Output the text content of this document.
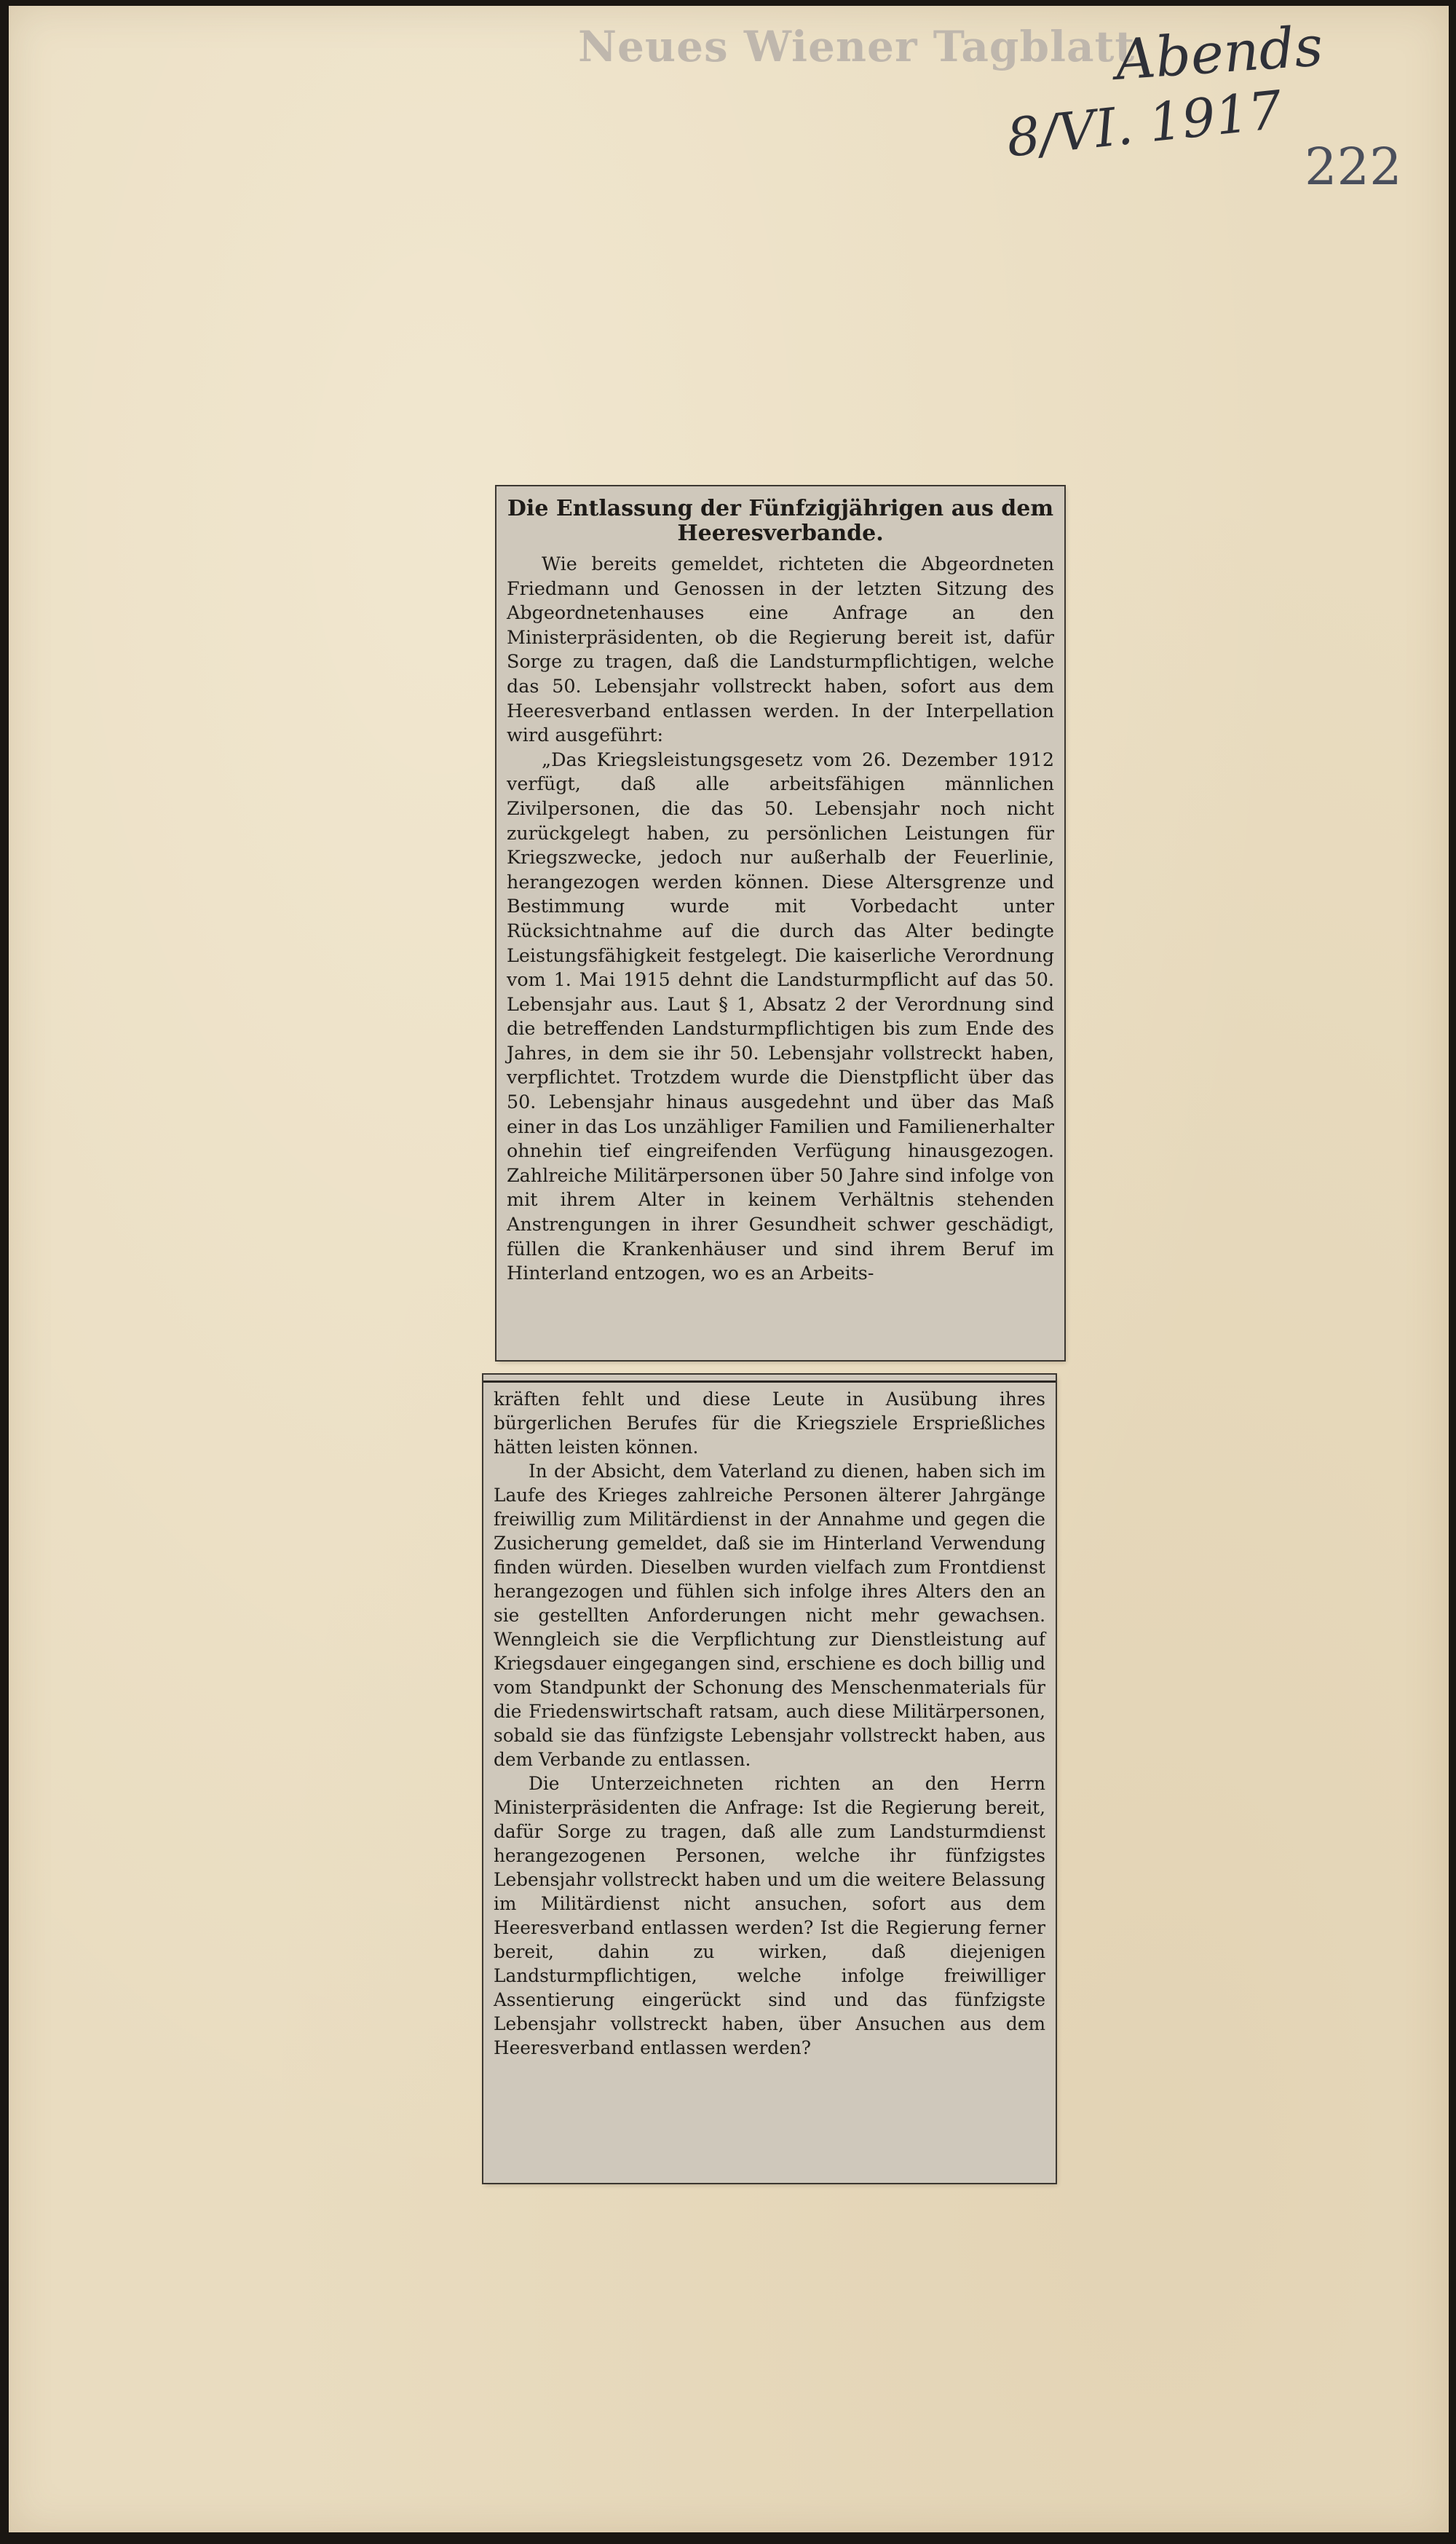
Neues Wiener Tagblatt
Abends
8/VI. 1917 222
Die Entlassung der Fünfzigjährigen aus dem Heeresverbande.

Wie bereits gemeldet, richteten die Abgeordneten Friedmann und Genossen in der letzten Sitzung des Abgeordnetenhauses eine Anfrage an den Ministerpräsidenten, ob die Regierung bereit ist, dafür Sorge zu tragen, daß die Landsturmpflichtigen, welche das 50. Lebensjahr vollstreckt haben, sofort aus dem Heeresverband entlassen werden. In der Interpellation wird ausgeführt:

„Das Kriegsleistungsgesetz vom 26. Dezember 1912 verfügt, daß alle arbeitsfähigen männlichen Zivilpersonen, die das 50. Lebensjahr noch nicht zurückgelegt haben, zu persönlichen Leistungen für Kriegszwecke, jedoch nur außerhalb der Feuerlinie, herangezogen werden können. Diese Altersgrenze und Bestimmung wurde mit Vorbedacht unter Rücksichtnahme auf die durch das Alter bedingte Leistungsfähigkeit festgelegt. Die kaiserliche Verordnung vom 1. Mai 1915 dehnt die Landsturmpflicht auf das 50. Lebensjahr aus. Laut § 1, Absatz 2 der Verordnung sind die betreffenden Landsturmpflichtigen bis zum Ende des Jahres, in dem sie ihr 50. Lebensjahr vollstreckt haben, verpflichtet. Trotzdem wurde die Dienstpflicht über das 50. Lebensjahr hinaus ausgedehnt und über das Maß einer in das Los unzähliger Familien und Familienerhalter ohnehin tief eingreifenden Verfügung hinausgezogen. Zahlreiche Militärpersonen über 50 Jahre sind infolge von mit ihrem Alter in keinem Verhältnis stehenden Anstrengungen in ihrer Gesundheit schwer geschädigt, füllen die Krankenhäuser und sind ihrem Beruf im Hinterland entzogen, wo es an Arbeits-

kräften fehlt und diese Leute in Ausübung ihres bürgerlichen Berufes für die Kriegsziele Ersprießliches hätten leisten können.

In der Absicht, dem Vaterland zu dienen, haben sich im Laufe des Krieges zahlreiche Personen älterer Jahrgänge freiwillig zum Militärdienst in der Annahme und gegen die Zusicherung gemeldet, daß sie im Hinterland Verwendung finden würden. Dieselben wurden vielfach zum Frontdienst herangezogen und fühlen sich infolge ihres Alters den an sie gestellten Anforderungen nicht mehr gewachsen. Wenngleich sie die Verpflichtung zur Dienstleistung auf Kriegsdauer eingegangen sind, erschiene es doch billig und vom Standpunkt der Schonung des Menschenmaterials für die Friedenswirtschaft ratsam, auch diese Militärpersonen, sobald sie das fünfzigste Lebensjahr vollstreckt haben, aus dem Verbande zu entlassen.

Die Unterzeichneten richten an den Herrn Ministerpräsidenten die Anfrage: Ist die Regierung bereit, dafür Sorge zu tragen, daß alle zum Landsturmdienst herangezogenen Personen, welche ihr fünfzigstes Lebensjahr vollstreckt haben und um die weitere Belassung im Militärdienst nicht ansuchen, sofort aus dem Heeresverband entlassen werden? Ist die Regierung ferner bereit, dahin zu wirken, daß diejenigen Landsturmpflichtigen, welche infolge freiwilliger Assentierung eingerückt sind und das fünfzigste Lebensjahr vollstreckt haben, über Ansuchen aus dem Heeresverband entlassen werden?
